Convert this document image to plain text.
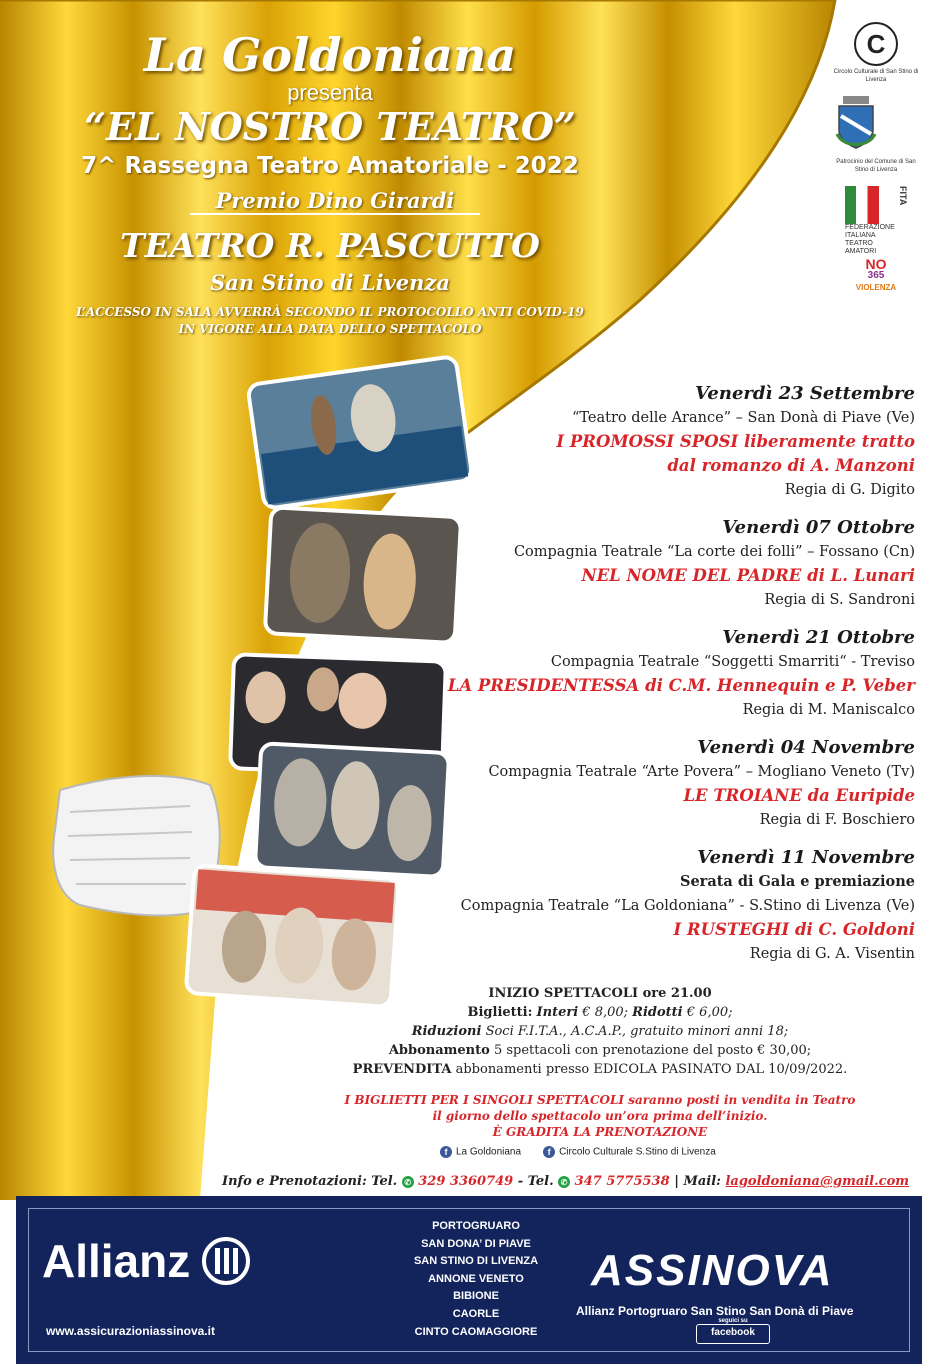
La Goldoniana
presenta
“EL NOSTRO TEATRO”
7^ Rassegna Teatro Amatoriale - 2022
Premio Dino Girardi
TEATRO R. PASCUTTO
San Stino di Livenza
L’ACCESSO IN SALA AVVERRÀ SECONDO IL PROTOCOLLO ANTI COVID-19
IN VIGORE ALLA DATA DELLO SPETTACOLO
C
Circolo Culturale di San Stino di Livenza
Patrocinio del Comune di San Stino di Livenza
FEDERAZIONE ITALIANA TEATRO AMATORI
FITA
NO
365
VIOLENZA
Venerdì 23 Settembre
“Teatro delle Arance” – San Donà di Piave (Ve)
I PROMOSSI SPOSI liberamente tratto
dal romanzo di A. Manzoni
Regia di G. Digito
Venerdì 07 Ottobre
Compagnia Teatrale “La corte dei folli” – Fossano (Cn)
NEL NOME DEL PADRE di L. Lunari
Regia di S. Sandroni
Venerdì 21 Ottobre
Compagnia Teatrale “Soggetti Smarriti“ - Treviso
LA PRESIDENTESSA di C.M. Hennequin e P. Veber
Regia di M. Maniscalco
Venerdì 04 Novembre
Compagnia Teatrale “Arte Povera” – Mogliano Veneto (Tv)
LE TROIANE da Euripide
Regia di F. Boschiero
Venerdì 11 Novembre
Serata di Gala e premiazione
Compagnia Teatrale “La Goldoniana” - S.Stino di Livenza (Ve)
I RUSTEGHI di C. Goldoni
Regia di G. A. Visentin
INIZIO SPETTACOLI ore 21.00
Biglietti: Interi € 8,00; Ridotti € 6,00;
Riduzioni Soci F.I.T.A., A.C.A.P., gratuito minori anni 18;
Abbonamento 5 spettacoli con prenotazione del posto € 30,00;
PREVENDITA abbonamenti presso EDICOLA PASINATO DAL 10/09/2022.
I BIGLIETTI PER I SINGOLI SPETTACOLI saranno posti in vendita in Teatro
il giorno dello spettacolo un’ora prima dell’inizio.
È GRADITA LA PRENOTAZIONE
f La Goldoniana	f Circolo Culturale S.Stino di Livenza
Info e Prenotazioni: Tel. ✆ 329 3360749 - Tel. ✆ 347 5775538 | Mail: lagoldoniana@gmail.com
Allianz
www.assicurazioniassinova.it
PORTOGRUARO
SAN DONA’ DI PIAVE
SAN STINO DI LIVENZA
ANNONE VENETO
BIBIONE
CAORLE
CINTO CAOMAGGIORE
ASSINOVA
Allianz Portogruaro San Stino San Donà di Piave
seguici su
facebook
